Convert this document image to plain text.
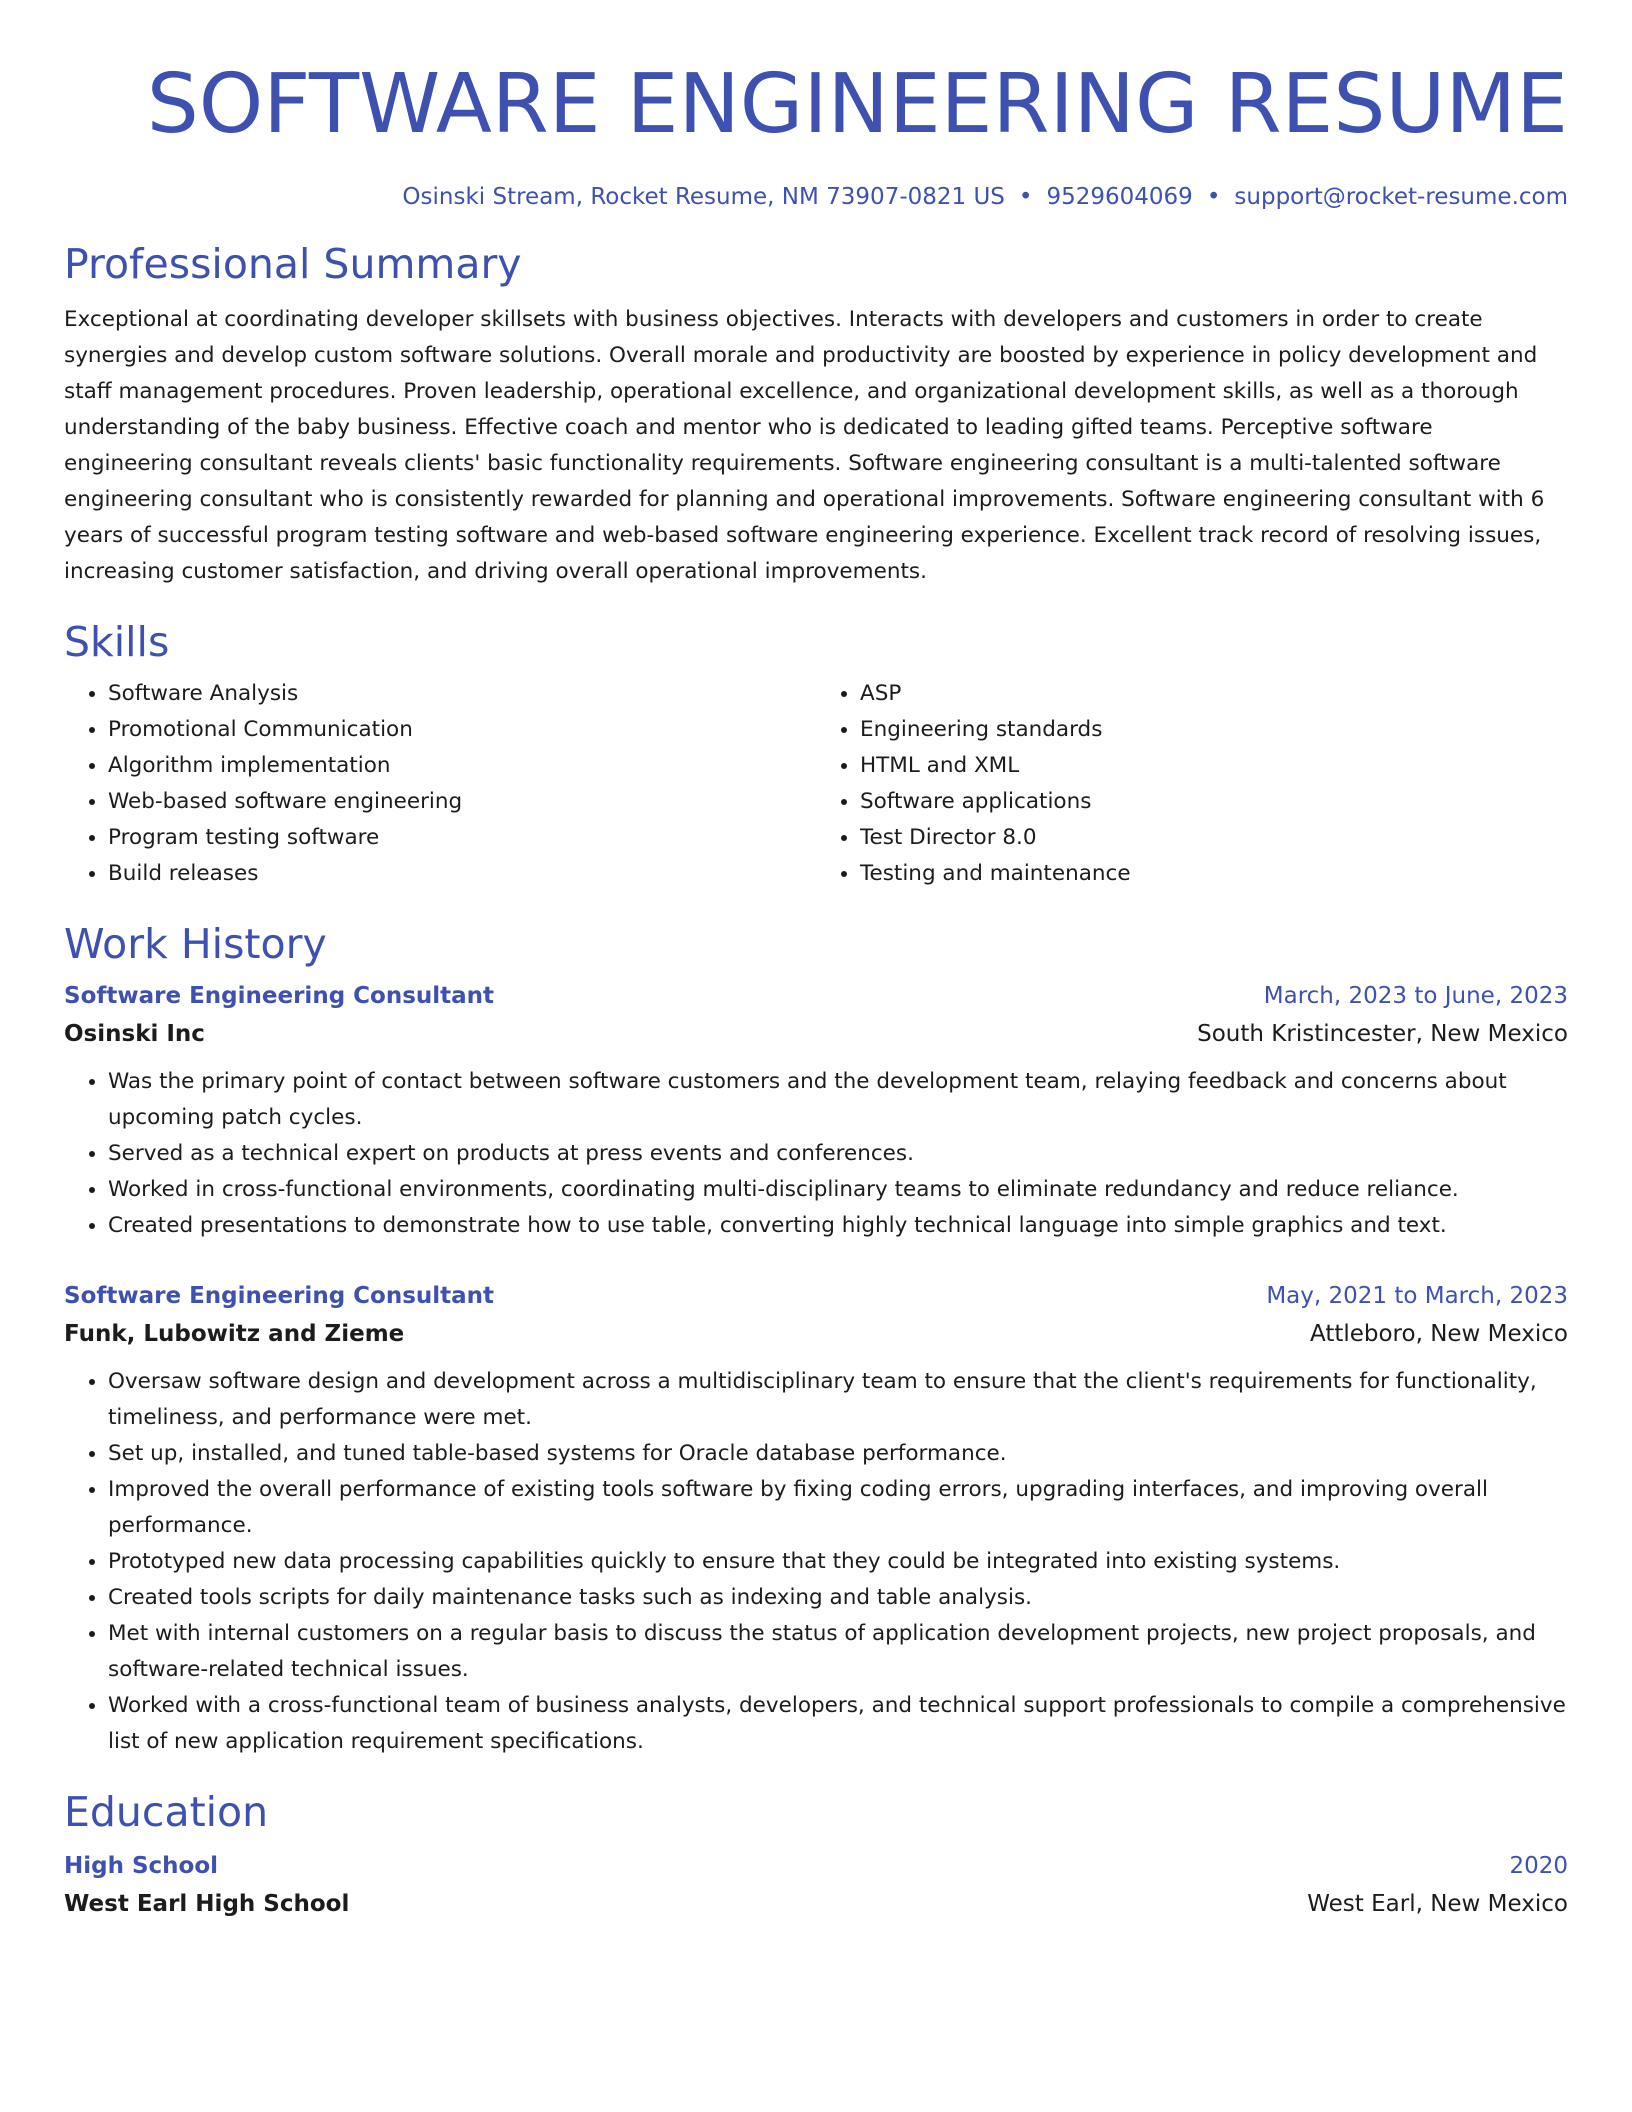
SOFTWARE ENGINEERING RESUME
Osinski Stream, Rocket Resume, NM 73907-0821 US • 9529604069 • support@rocket-resume.com
Professional Summary

Exceptional at coordinating developer skillsets with business objectives. Interacts with developers and customers in order to create synergies and develop custom software solutions. Overall morale and productivity are boosted by experience in policy development and staff management procedures. Proven leadership, operational excellence, and organizational development skills, as well as a thorough understanding of the baby business. Effective coach and mentor who is dedicated to leading gifted teams. Perceptive software engineering consultant reveals clients' basic functionality requirements. Software engineering consultant is a multi-talented software engineering consultant who is consistently rewarded for planning and operational improvements. Software engineering consultant with 6 years of successful program testing software and web-based software engineering experience. Excellent track record of resolving issues, increasing customer satisfaction, and driving overall operational improvements.

Skills
• Software Analysis
• Promotional Communication
• Algorithm implementation
• Web-based software engineering
• Program testing software
• Build releases
• ASP
• Engineering standards
• HTML and XML
• Software applications
• Test Director 8.0
• Testing and maintenance
Work History
Software Engineering Consultant	March, 2023 to June, 2023
Osinski Inc	South Kristincester, New Mexico
• Was the primary point of contact between software customers and the development team, relaying feedback and concerns about upcoming patch cycles.
• Served as a technical expert on products at press events and conferences.
• Worked in cross-functional environments, coordinating multi-disciplinary teams to eliminate redundancy and reduce reliance.
• Created presentations to demonstrate how to use table, converting highly technical language into simple graphics and text.
Software Engineering Consultant	May, 2021 to March, 2023
Funk, Lubowitz and Zieme	Attleboro, New Mexico
• Oversaw software design and development across a multidisciplinary team to ensure that the client's requirements for functionality, timeliness, and performance were met.
• Set up, installed, and tuned table-based systems for Oracle database performance.
• Improved the overall performance of existing tools software by fixing coding errors, upgrading interfaces, and improving overall performance.
• Prototyped new data processing capabilities quickly to ensure that they could be integrated into existing systems.
• Created tools scripts for daily maintenance tasks such as indexing and table analysis.
• Met with internal customers on a regular basis to discuss the status of application development projects, new project proposals, and software-related technical issues.
• Worked with a cross-functional team of business analysts, developers, and technical support professionals to compile a comprehensive list of new application requirement specifications.
Education
High School	2020
West Earl High School	West Earl, New Mexico
